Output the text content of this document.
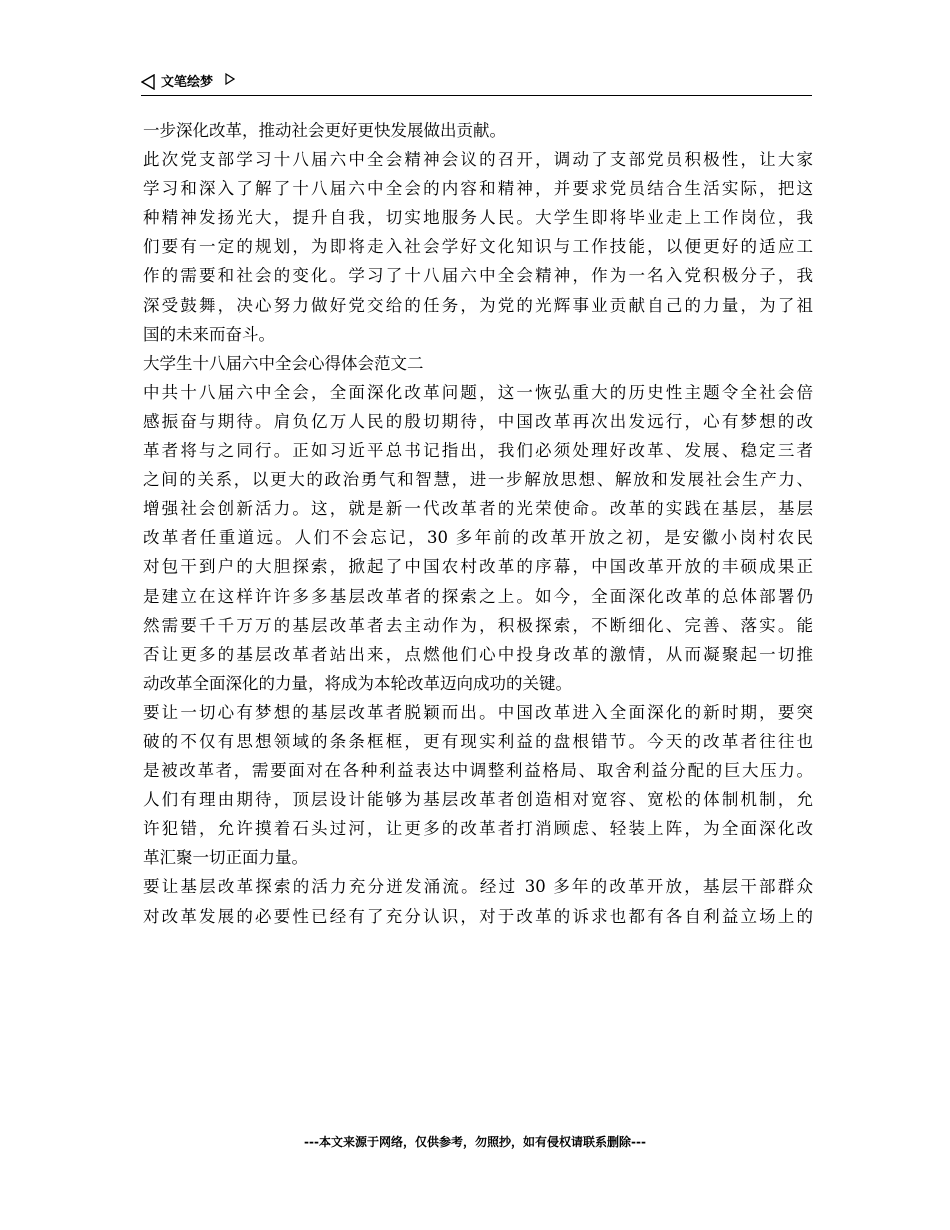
文笔绘梦
一步深化改革，推动社会更好更快发展做出贡献。
此次党支部学习十八届六中全会精神会议的召开，调动了支部党员积极性，让大家
学习和深入了解了十八届六中全会的内容和精神，并要求党员结合生活实际，把这
种精神发扬光大，提升自我，切实地服务人民。大学生即将毕业走上工作岗位，我
们要有一定的规划，为即将走入社会学好文化知识与工作技能，以便更好的适应工
作的需要和社会的变化。学习了十八届六中全会精神，作为一名入党积极分子，我
深受鼓舞，决心努力做好党交给的任务，为党的光辉事业贡献自己的力量，为了祖
国的未来而奋斗。
大学生十八届六中全会心得体会范文二
中共十八届六中全会，全面深化改革问题，这一恢弘重大的历史性主题令全社会倍
感振奋与期待。肩负亿万人民的殷切期待，中国改革再次出发远行，心有梦想的改
革者将与之同行。正如习近平总书记指出，我们必须处理好改革、发展、稳定三者
之间的关系，以更大的政治勇气和智慧，进一步解放思想、解放和发展社会生产力、
增强社会创新活力。这，就是新一代改革者的光荣使命。改革的实践在基层，基层
改革者任重道远。人们不会忘记，30 多年前的改革开放之初，是安徽小岗村农民
对包干到户的大胆探索，掀起了中国农村改革的序幕，中国改革开放的丰硕成果正
是建立在这样许许多多基层改革者的探索之上。如今，全面深化改革的总体部署仍
然需要千千万万的基层改革者去主动作为，积极探索，不断细化、完善、落实。能
否让更多的基层改革者站出来，点燃他们心中投身改革的激情，从而凝聚起一切推
动改革全面深化的力量，将成为本轮改革迈向成功的关键。
要让一切心有梦想的基层改革者脱颖而出。中国改革进入全面深化的新时期，要突
破的不仅有思想领域的条条框框，更有现实利益的盘根错节。今天的改革者往往也
是被改革者，需要面对在各种利益表达中调整利益格局、取舍利益分配的巨大压力。
人们有理由期待，顶层设计能够为基层改革者创造相对宽容、宽松的体制机制，允
许犯错，允许摸着石头过河，让更多的改革者打消顾虑、轻装上阵，为全面深化改
革汇聚一切正面力量。
要让基层改革探索的活力充分迸发涌流。经过 30 多年的改革开放，基层干部群众
对改革发展的必要性已经有了充分认识，对于改革的诉求也都有各自利益立场上的
---本文来源于网络，仅供参考，勿照抄，如有侵权请联系删除---
